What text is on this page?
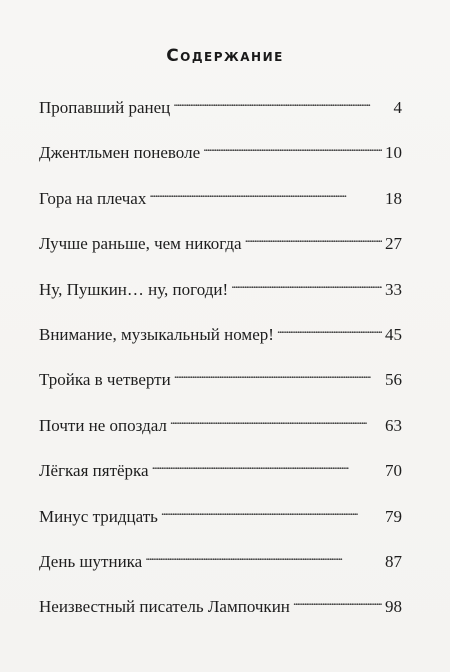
Содержание
Пропавший ранец . . .	4
Джентльмен поневоле . . .	10
Гора на плечах . . .	18
Лучше раньше, чем никогда . . .	27
Ну, Пушкин… ну, погоди! . . .	33
Внимание, музыкальный номер! . . .	45
Тройка в четверти . . .	56
Почти не опоздал . . .	63
Лёгкая пятёрка . . .	70
Минус тридцать . . .	79
День шутника . . .	87
Неизвестный писатель Лампочкин . . .	98
